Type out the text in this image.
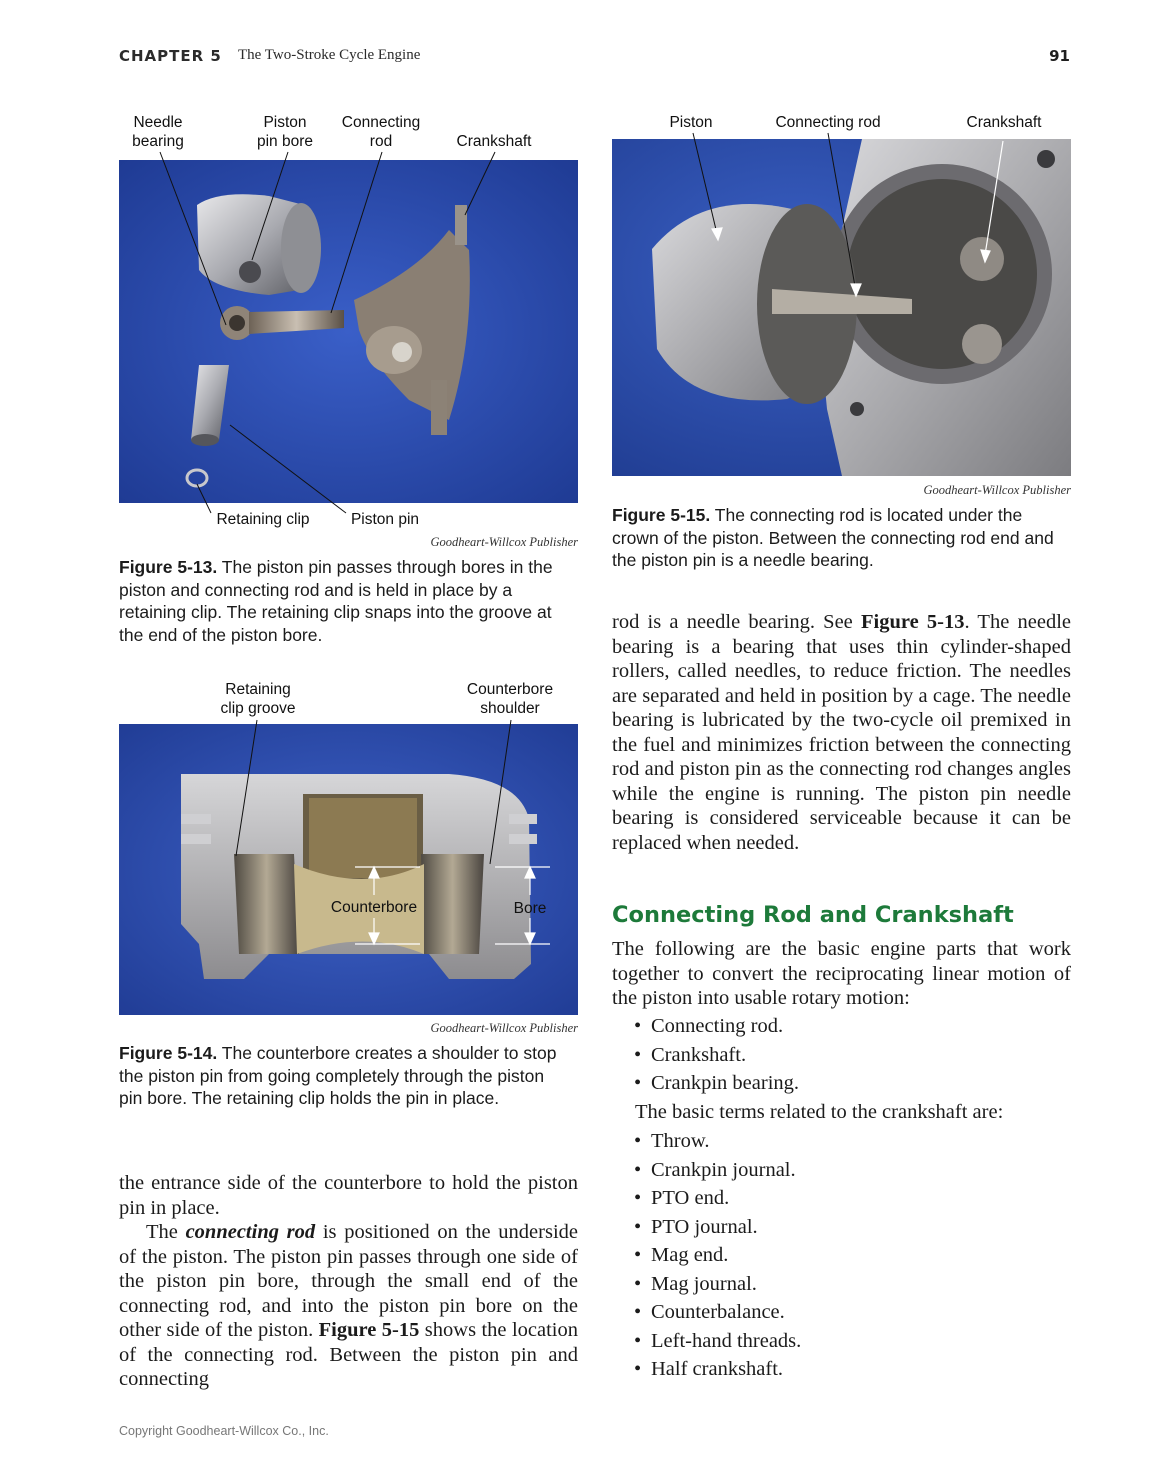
CHAPTER 5 The Two-Stroke Cycle Engine	91
Needle
bearing
Piston
pin bore
Connecting
rod	Crankshaft
Retaining clip	Piston pin
Goodheart-Willcox Publisher
Figure 5-13. The piston pin passes through bores in the piston and connecting rod and is held in place by a retaining clip. The retaining clip snaps into the groove at the end of the piston bore.
Retaining
clip groove
Counterbore
shoulder
Counterbore	Bore
Goodheart-Willcox Publisher
Figure 5-14. The counterbore creates a shoulder to stop the piston pin from going completely through the piston pin bore. The retaining clip holds the pin in place.

the entrance side of the counterbore to hold the piston pin in place.

The connecting rod is positioned on the underside of the piston. The piston pin passes through one side of the piston pin bore, through the small end of the connecting rod, and into the piston pin bore on the other side of the piston. Figure 5-15 shows the location of the connecting rod. Between the piston pin and connecting

Piston	Connecting rod	Crankshaft
Goodheart-Willcox Publisher
Figure 5-15. The connecting rod is located under the crown of the piston. Between the connecting rod end and the piston pin is a needle bearing.

rod is a needle bearing. See Figure 5-13. The needle bearing is a bearing that uses thin cylinder-shaped rollers, called needles, to reduce friction. The needles are separated and held in position by a cage. The needle bearing is lubricated by the two-cycle oil premixed in the fuel and minimizes friction between the connecting rod and piston pin as the connecting rod changes angles while the engine is running. The piston pin needle bearing is considered serviceable because it can be replaced when needed.

Connecting Rod and Crankshaft
The following are the basic engine parts that work together to convert the reciprocating linear motion of the piston into usable rotary motion:
• Connecting rod.
• Crankshaft.
• Crankpin bearing.
The basic terms related to the crankshaft are:
• Throw.
• Crankpin journal.
• PTO end.
• PTO journal.
• Mag end.
• Mag journal.
• Counterbalance.
• Left-hand threads.
• Half crankshaft.
Copyright Goodheart-Willcox Co., Inc.
